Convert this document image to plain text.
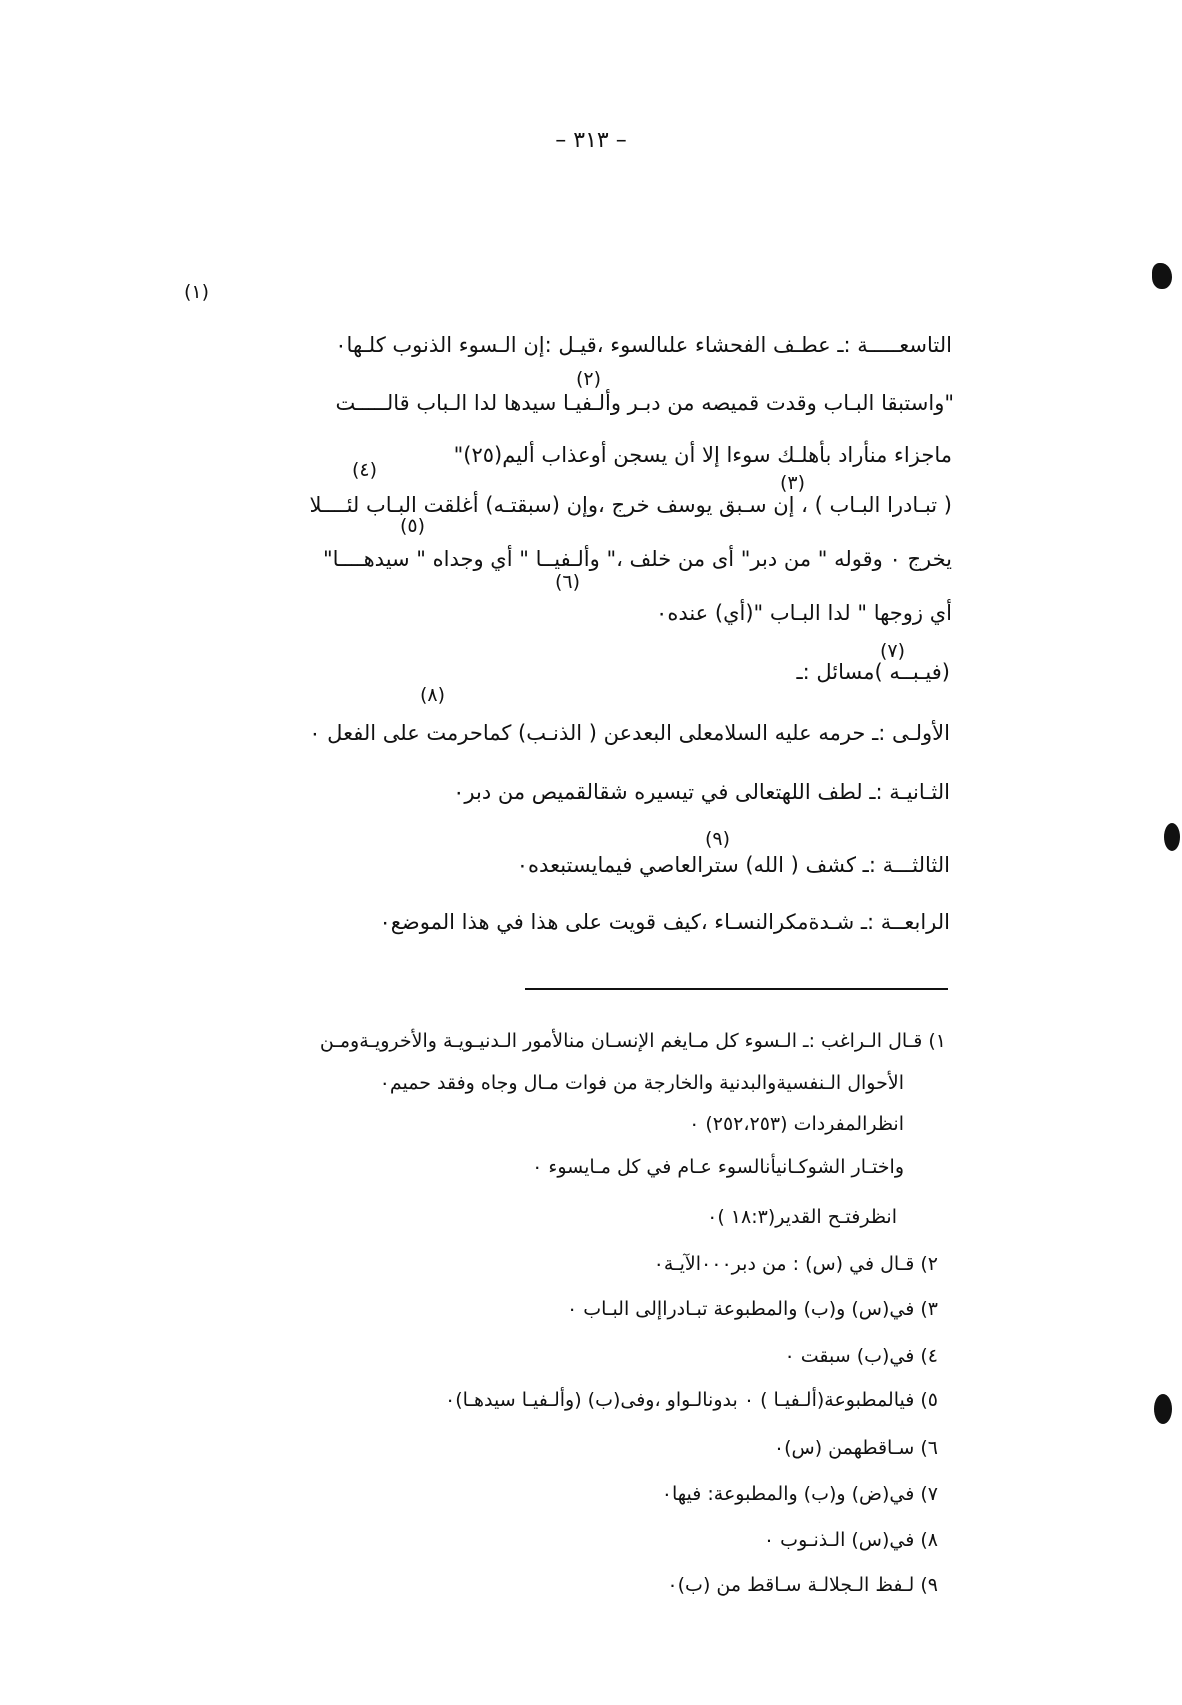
– ٣١٣ –
(١)
(٢)
(٣)
(٤)
(٥)
(٦)
(٧)
(٨)
(٩)
التاسعـــــة :ـ عطـف الفحشاء علىالسوء ،قيـل :إن الـسوء الذنوب كلـها٠
"واستبقا البـاب وقدت قميصه من دبـر وألـفيـا سيدها لدا الـباب قالـــــت
ماجزاء منأراد بأهلـك سوءا إلا أن يسجن أوعذاب أليم(٢٥)"
( تبـادرا البـاب ) ، إن سـبق يوسف خرج ،وإن (سبقتـه) أغلقت البـاب لئــــلا
يخرج ٠ وقوله " من دبر" أى من خلف ،" وألـفيــا " أي وجداه " سيدهــــا"
أي زوجها " لدا البـاب "(أي) عنده٠
(فيـبــه )مسائل :ـ
الأولـى :ـ حرمه عليه السلامعلى البعدعن ( الذنـب) كماحرمت على الفعل ٠
الثـانيـة :ـ لطف اللهتعالى في تيسيره شقالقميص من دبر٠
الثالثـــة :ـ كشف ( الله) سترالعاصي فيمايستبعده٠
الرابعــة :ـ شـدةمكرالنسـاء ،كيف قويت على هذا في هذا الموضع٠
١) قـال الـراغب :ـ الـسوء كل مـايغم الإنسـان منالأمور الـدنيـويـة والأخرويـةومـن
الأحوال الـنفسيةوالبدنية والخارجة من فوات مـال وجاه وفقد حميم٠
انظرالمفردات (٢٥٢،٢٥٣) ٠
واختـار الشوكـانيأنالسوء عـام في كل مـايسوء ٠
انظرفتـح القدير(١٨:٣ )٠
٢) قـال في (س) : من دبر٠٠٠الآيـة٠
٣) في(س) و(ب) والمطبوعة تبـادراإلى البـاب ٠
٤) في(ب) سبقت ٠
٥) فيالمطبوعة(ألـفيـا ) ٠ بدونالـواو ،وفى(ب) (وألـفيـا سيدهـا)٠
٦) سـاقطهمن (س)٠
٧) في(ض) و(ب) والمطبوعة: فيها٠
٨) في(س) الـذنـوب ٠
٩) لـفظ الـجلالـة سـاقط من (ب)٠
